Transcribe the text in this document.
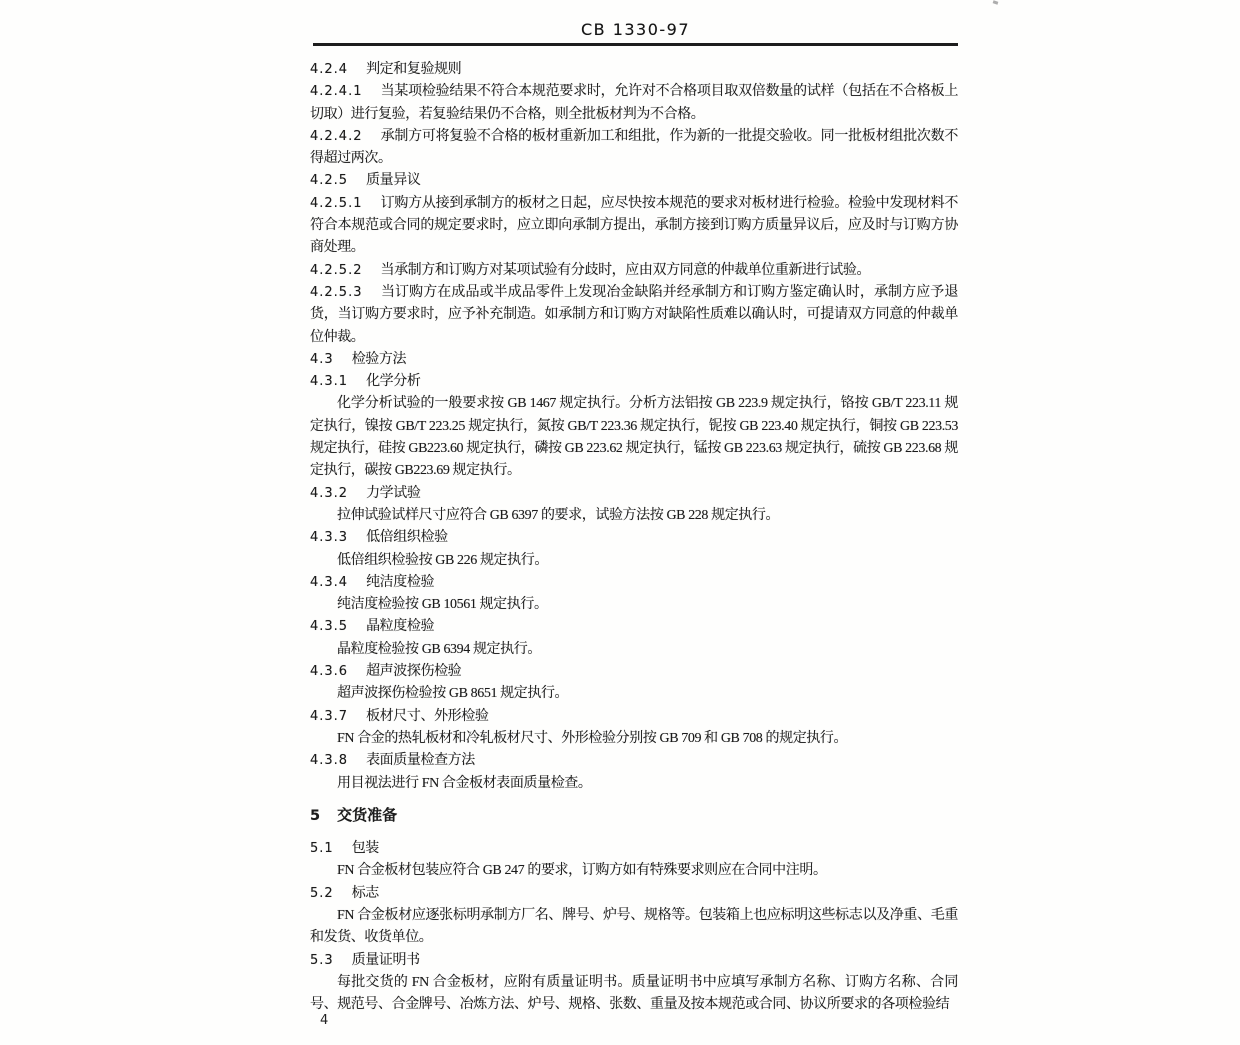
CB 1330-97

4.2.4 判定和复验规则

4.2.4.1 当某项检验结果不符合本规范要求时，允许对不合格项目取双倍数量的试样（包括在不合格板上切取）进行复验，若复验结果仍不合格，则全批板材判为不合格。

4.2.4.2 承制方可将复验不合格的板材重新加工和组批，作为新的一批提交验收。同一批板材组批次数不得超过两次。

4.2.5 质量异议

4.2.5.1 订购方从接到承制方的板材之日起，应尽快按本规范的要求对板材进行检验。检验中发现材料不符合本规范或合同的规定要求时，应立即向承制方提出，承制方接到订购方质量异议后，应及时与订购方协商处理。

4.2.5.2 当承制方和订购方对某项试验有分歧时，应由双方同意的仲裁单位重新进行试验。

4.2.5.3 当订购方在成品或半成品零件上发现冶金缺陷并经承制方和订购方鉴定确认时，承制方应予退货，当订购方要求时，应予补充制造。如承制方和订购方对缺陷性质难以确认时，可提请双方同意的仲裁单位仲裁。

4.3 检验方法

4.3.1 化学分析

化学分析试验的一般要求按 GB 1467 规定执行。分析方法铝按 GB 223.9 规定执行，铬按 GB/T 223.11 规定执行，镍按 GB/T 223.25 规定执行，氮按 GB/T 223.36 规定执行，铌按 GB 223.40 规定执行，铜按 GB 223.53 规定执行，硅按 GB223.60 规定执行，磷按 GB 223.62 规定执行，锰按 GB 223.63 规定执行，硫按 GB 223.68 规定执行，碳按 GB223.69 规定执行。

4.3.2 力学试验

拉伸试验试样尺寸应符合 GB 6397 的要求，试验方法按 GB 228 规定执行。

4.3.3 低倍组织检验

低倍组织检验按 GB 226 规定执行。

4.3.4 纯洁度检验

纯洁度检验按 GB 10561 规定执行。

4.3.5 晶粒度检验

晶粒度检验按 GB 6394 规定执行。

4.3.6 超声波探伤检验

超声波探伤检验按 GB 8651 规定执行。

4.3.7 板材尺寸、外形检验

FN 合金的热轧板材和冷轧板材尺寸、外形检验分别按 GB 709 和 GB 708 的规定执行。

4.3.8 表面质量检查方法

用目视法进行 FN 合金板材表面质量检查。

5 交货准备

5.1 包装

FN 合金板材包装应符合 GB 247 的要求，订购方如有特殊要求则应在合同中注明。

5.2 标志

FN 合金板材应逐张标明承制方厂名、牌号、炉号、规格等。包装箱上也应标明这些标志以及净重、毛重和发货、收货单位。

5.3 质量证明书

每批交货的 FN 合金板材，应附有质量证明书。质量证明书中应填写承制方名称、订购方名称、合同号、规范号、合金牌号、冶炼方法、炉号、规格、张数、重量及按本规范或合同、协议所要求的各项检验结

4
